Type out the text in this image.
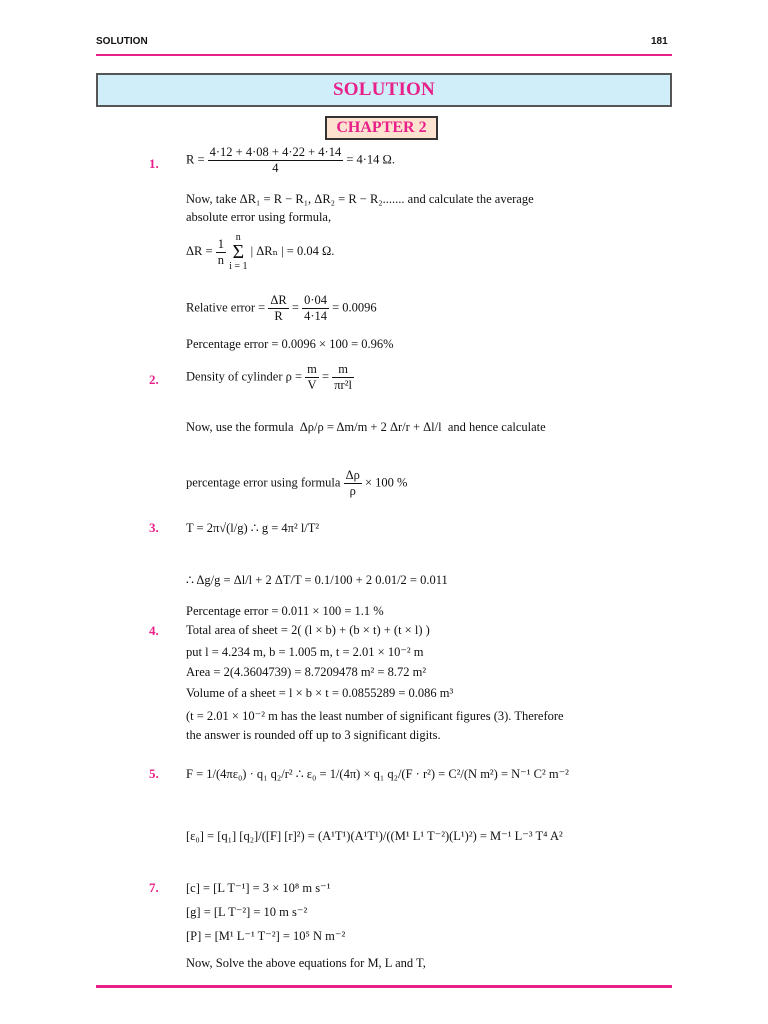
SOLUTION	181
SOLUTION
CHAPTER 2
1. $R = \frac{4\cdot 12 + 4\cdot 08 + 4\cdot 22 + 4\cdot 14}{4} = 4\cdot 14$ Ω.
Now, take ΔR₁ = R − R₁, ΔR₂ = R − R₂....... and calculate the average
absolute error using formula,
$\Delta R = \frac{1}{n}$
n
Σ
i = 1
| ΔRₙ | = 0.04 Ω.
Relative error = $\frac{\Delta R}{R} = \frac{0\cdot 04}{4\cdot 14} = 0.0096$
Percentage error = 0.0096 × 100 = 0.96%
2. Density of cylinder $\rho = \frac{m}{V} = \frac{m}{\text{πr²l}}$
Now, use the formula Δρ/ρ = Δm/m + 2 Δr/r + Δl/l and hence calculate
percentage error using formula $\frac{\Delta\rho}{\rho} \times 100$ %
3. T = 2π√(l/g) ∴ g = 4π² l/T²
∴ Δg/g = Δl/l + 2 ΔT/T = 0.1/100 + 2 0.01/2 = 0.011
Percentage error = 0.011 × 100 = 1.1 %
4. Total area of sheet = 2( (l × b) + (b × t) + (t × l) )
put l = 4.234 m, b = 1.005 m, t = 2.01 × 10⁻² m
Area = 2(4.3604739) = 8.7209478 m² = 8.72 m²
Volume of a sheet = l × b × t = 0.0855289 = 0.086 m³
(t = 2.01 × 10⁻² m has the least number of significant figures (3). Therefore
the answer is rounded off up to 3 significant digits.
5. F = 1/(4πε₀) · q₁ q₂/r² ∴ ε₀ = 1/(4π) × q₁ q₂/(F · r²) = C²/(N m²) = N⁻¹ C² m⁻²
[ε₀] = [q₁] [q₂]/([F] [r]²) = (A¹T¹)(A¹T¹)/((M¹ L¹ T⁻²)(L¹)²) = M⁻¹ L⁻³ T⁴ A²
7. [c] = [L T⁻¹] = 3 × 10⁸ m s⁻¹
[g] = [L T⁻²] = 10 m s⁻²
[P] = [M¹ L⁻¹ T⁻²] = 10⁵ N m⁻²
Now, Solve the above equations for M, L and T,
